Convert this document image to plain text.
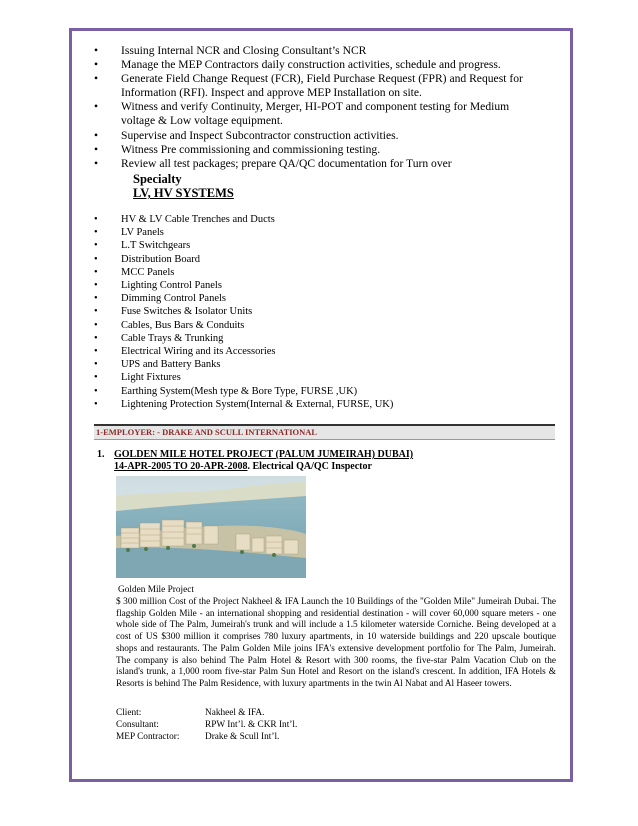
• Issuing Internal NCR and Closing Consultant’s NCR
• Manage the MEP Contractors daily construction activities, schedule and progress.
• Generate Field Change Request (FCR), Field Purchase Request (FPR) and Request for Information (RFI). Inspect and approve MEP Installation on site.
• Witness and verify Continuity, Merger, HI-POT and component testing for Medium voltage & Low voltage equipment.
• Supervise and Inspect Subcontractor construction activities.
• Witness Pre commissioning and commissioning testing.
• Review all test packages; prepare QA/QC documentation for Turn over
Specialty
LV, HV SYSTEMS
• HV & LV Cable Trenches and Ducts
• LV Panels
• L.T Switchgears
• Distribution Board
• MCC Panels
• Lighting Control Panels
• Dimming Control Panels
• Fuse Switches & Isolator Units
• Cables, Bus Bars & Conduits
• Cable Trays & Trunking
• Electrical Wiring and its Accessories
• UPS and Battery Banks
• Light Fixtures
• Earthing System(Mesh type & Bore Type, FURSE ,UK)
• Lightening Protection System(Internal & External, FURSE, UK)
1-EMPLOYER: - DRAKE AND SCULL INTERNATIONAL
1. GOLDEN MILE HOTEL PROJECT (PALUM JUMEIRAH) DUBAI)
14-APR-2005 TO 20-APR-2008. Electrical QA/QC Inspector
Golden Mile Project
$ 300 million Cost of the Project Nakheel & IFA Launch the 10 Buildings of the "Golden Mile" Jumeirah Dubai. The flagship Golden Mile - an international shopping and residential destination - will cover 60,000 square meters - one whole side of The Palm, Jumeirah's trunk and will include a 1.5 kilometer waterside Corniche. Being developed at a cost of US $300 million it comprises 780 luxury apartments, in 10 waterside buildings and 220 upscale boutique shops and restaurants. The Palm Golden Mile joins IFA's extensive development portfolio for The Palm, Jumeirah. The company is also behind The Palm Hotel & Resort with 300 rooms, the five-star Palm Vacation Club on the island's trunk, a 1,000 room five-star Palm Sun Hotel and Resort on the island's crescent. In addition, IFA Hotels & Resorts is behind The Palm Residence, with luxury apartments in the twin Al Nabat and Al Haseer towers.
Client:	Nakheel & IFA.
Consultant:	RPW Int’l. & CKR Int’l.
MEP Contractor:	Drake & Scull Int’l.
